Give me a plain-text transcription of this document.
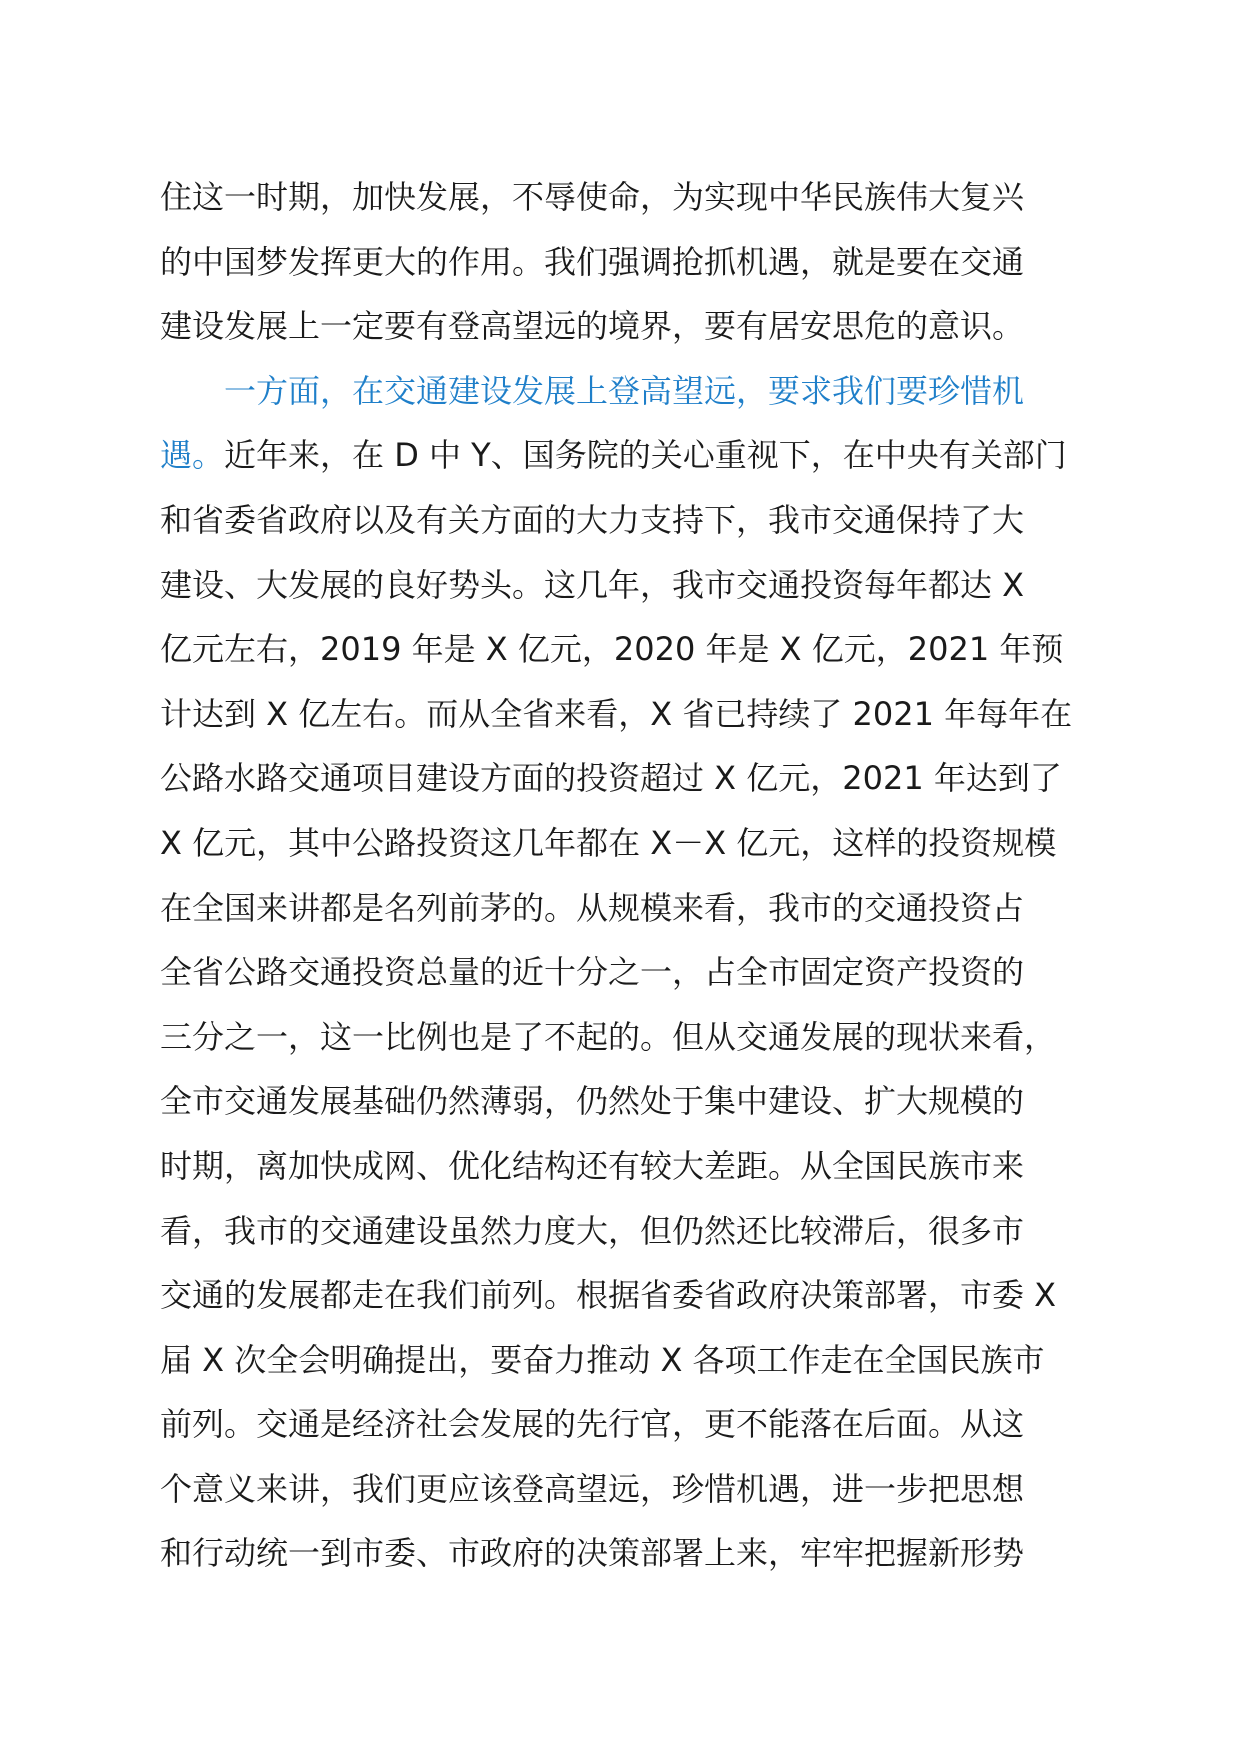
住这一时期，加快发展，不辱使命，为实现中华民族伟大复兴
的中国梦发挥更大的作用。我们强调抢抓机遇，就是要在交通
建设发展上一定要有登高望远的境界，要有居安思危的意识。
一方面，在交通建设发展上登高望远，要求我们要珍惜机
遇。近年来，在 D 中 Y、国务院的关心重视下，在中央有关部门
和省委省政府以及有关方面的大力支持下，我市交通保持了大
建设、大发展的良好势头。这几年，我市交通投资每年都达 X
亿元左右，2019 年是 X 亿元，2020 年是 X 亿元，2021 年预
计达到 X 亿左右。而从全省来看，X 省已持续了 2021 年每年在
公路水路交通项目建设方面的投资超过 X 亿元，2021 年达到了
X 亿元，其中公路投资这几年都在 X－X 亿元，这样的投资规模
在全国来讲都是名列前茅的。从规模来看，我市的交通投资占
全省公路交通投资总量的近十分之一，占全市固定资产投资的
三分之一，这一比例也是了不起的。但从交通发展的现状来看，
全市交通发展基础仍然薄弱，仍然处于集中建设、扩大规模的
时期，离加快成网、优化结构还有较大差距。从全国民族市来
看，我市的交通建设虽然力度大，但仍然还比较滞后，很多市
交通的发展都走在我们前列。根据省委省政府决策部署，市委 X
届 X 次全会明确提出，要奋力推动 X 各项工作走在全国民族市
前列。交通是经济社会发展的先行官，更不能落在后面。从这
个意义来讲，我们更应该登高望远，珍惜机遇，进一步把思想
和行动统一到市委、市政府的决策部署上来，牢牢把握新形势
